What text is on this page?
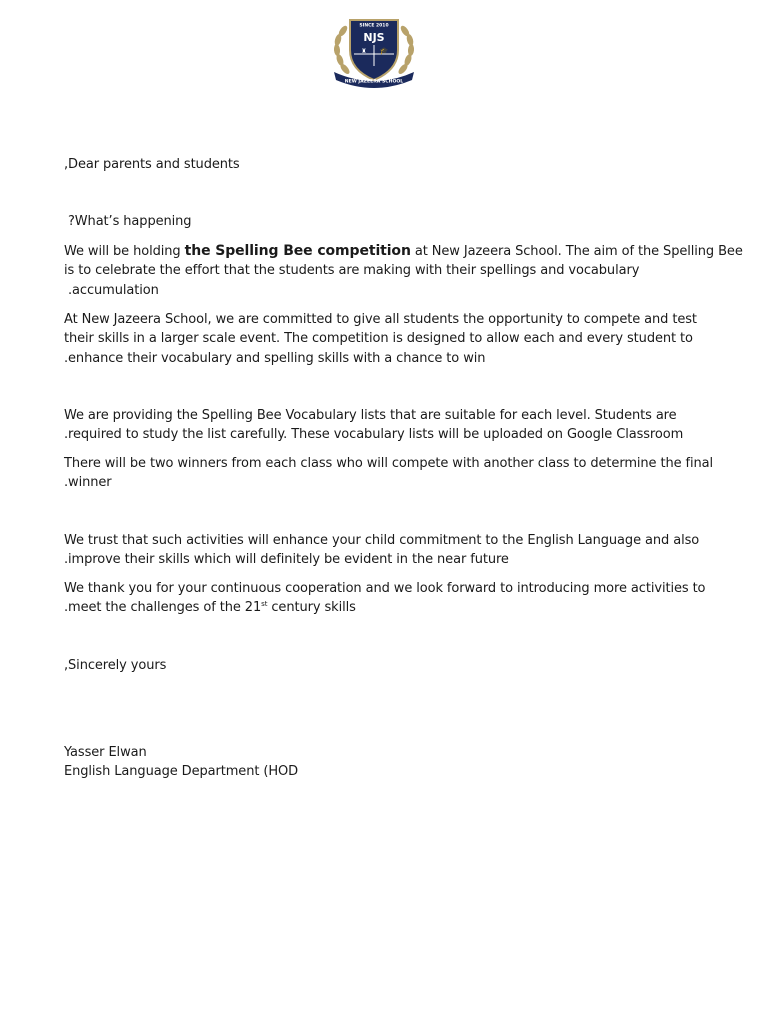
SINCE 2010
NJS
♜ 🎓
NEW JAZEERA SCHOOL

,Dear parents and students

?What’s happening

We will be holding the Spelling Bee competition at New Jazeera School. The aim of the Spelling Bee
is to celebrate the effort that the students are making with their spellings and vocabulary
.accumulation

At New Jazeera School, we are committed to give all students the opportunity to compete and test
their skills in a larger scale event. The competition is designed to allow each and every student to
.enhance their vocabulary and spelling skills with a chance to win

We are providing the Spelling Bee Vocabulary lists that are suitable for each level. Students are
.required to study the list carefully. These vocabulary lists will be uploaded on Google Classroom

There will be two winners from each class who will compete with another class to determine the final
.winner

We trust that such activities will enhance your child commitment to the English Language and also
.improve their skills which will definitely be evident in the near future

We thank you for your continuous cooperation and we look forward to introducing more activities to
.meet the challenges of the 21st century skills

,Sincerely yours

Yasser Elwan
English Language Department (HOD
